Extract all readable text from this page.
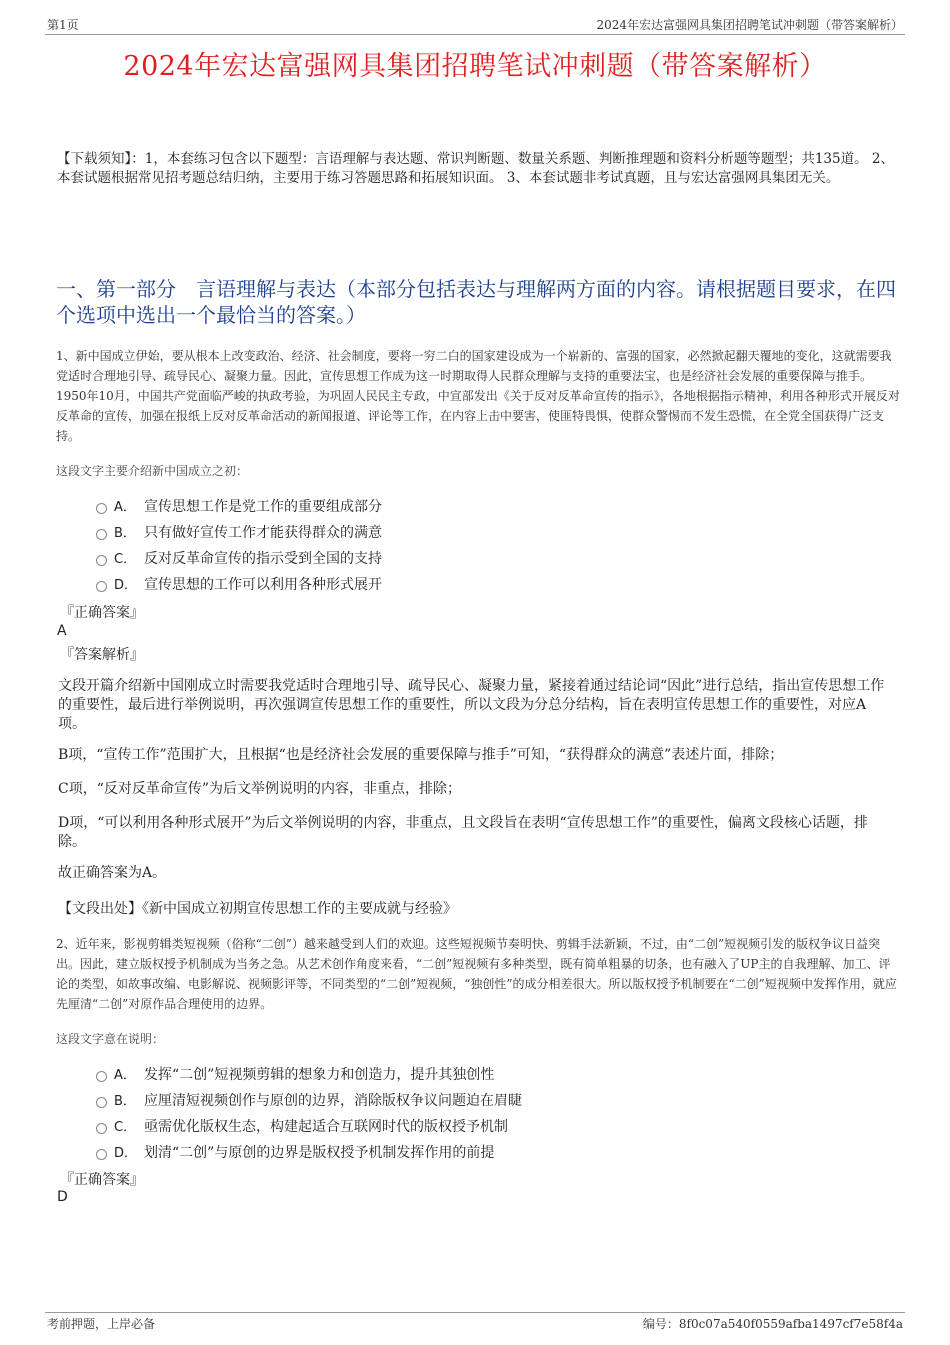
第1页	2024年宏达富强网具集团招聘笔试冲刺题（带答案解析）
2024年宏达富强网具集团招聘笔试冲刺题（带答案解析）
【下载须知】：1，本套练习包含以下题型：言语理解与表达题、常识判断题、数量关系题、判断推理题和资料分析题等题型；共135道。 2、本套试题根据常见招考题总结归纳，主要用于练习答题思路和拓展知识面。 3、本套试题非考试真题，且与宏达富强网具集团无关。
一、第一部分　言语理解与表达（本部分包括表达与理解两方面的内容。请根据题目要求，在四个选项中选出一个最恰当的答案。）
1、新中国成立伊始，要从根本上改变政治、经济、社会制度，要将一穷二白的国家建设成为一个崭新的、富强的国家，必然掀起翻天覆地的变化，这就需要我党适时合理地引导、疏导民心、凝聚力量。因此，宣传思想工作成为这一时期取得人民群众理解与支持的重要法宝，也是经济社会发展的重要保障与推手。1950年10月，中国共产党面临严峻的执政考验，为巩固人民民主专政，中宣部发出《关于反对反革命宣传的指示》，各地根据指示精神，利用各种形式开展反对反革命的宣传，加强在报纸上反对反革命活动的新闻报道、评论等工作，在内容上击中要害，使匪特畏惧，使群众警惕而不发生恐慌，在全党全国获得广泛支持。
这段文字主要介绍新中国成立之初：
A． 宣传思想工作是党工作的重要组成部分
B． 只有做好宣传工作才能获得群众的满意
C． 反对反革命宣传的指示受到全国的支持
D． 宣传思想的工作可以利用各种形式展开
『正确答案』
A
『答案解析』
文段开篇介绍新中国刚成立时需要我党适时合理地引导、疏导民心、凝聚力量，紧接着通过结论词“因此”进行总结，指出宣传思想工作的重要性，最后进行举例说明，再次强调宣传思想工作的重要性，所以文段为分总分结构，旨在表明宣传思想工作的重要性，对应A项。
B项，“宣传工作”范围扩大，且根据“也是经济社会发展的重要保障与推手”可知，“获得群众的满意”表述片面，排除；
C项，“反对反革命宣传”为后文举例说明的内容，非重点，排除；
D项，“可以利用各种形式展开”为后文举例说明的内容，非重点，且文段旨在表明“宣传思想工作”的重要性，偏离文段核心话题，排除。
故正确答案为A。
【文段出处】《新中国成立初期宣传思想工作的主要成就与经验》
2、近年来，影视剪辑类短视频（俗称“二创”）越来越受到人们的欢迎。这些短视频节奏明快、剪辑手法新颖，不过，由“二创”短视频引发的版权争议日益突出。因此，建立版权授予机制成为当务之急。从艺术创作角度来看，“二创”短视频有多种类型，既有简单粗暴的切条，也有融入了UP主的自我理解、加工、评论的类型，如故事改编、电影解说、视频影评等，不同类型的“二创”短视频，“独创性”的成分相差很大。所以版权授予机制要在“二创”短视频中发挥作用，就应先厘清“二创”对原作品合理使用的边界。
这段文字意在说明：
A． 发挥“二创”短视频剪辑的想象力和创造力，提升其独创性
B． 应厘清短视频创作与原创的边界，消除版权争议问题迫在眉睫
C． 亟需优化版权生态，构建起适合互联网时代的版权授予机制
D． 划清“二创”与原创的边界是版权授予机制发挥作用的前提
『正确答案』
D
考前押题，上岸必备	编号：8f0c07a540f0559afba1497cf7e58f4a
